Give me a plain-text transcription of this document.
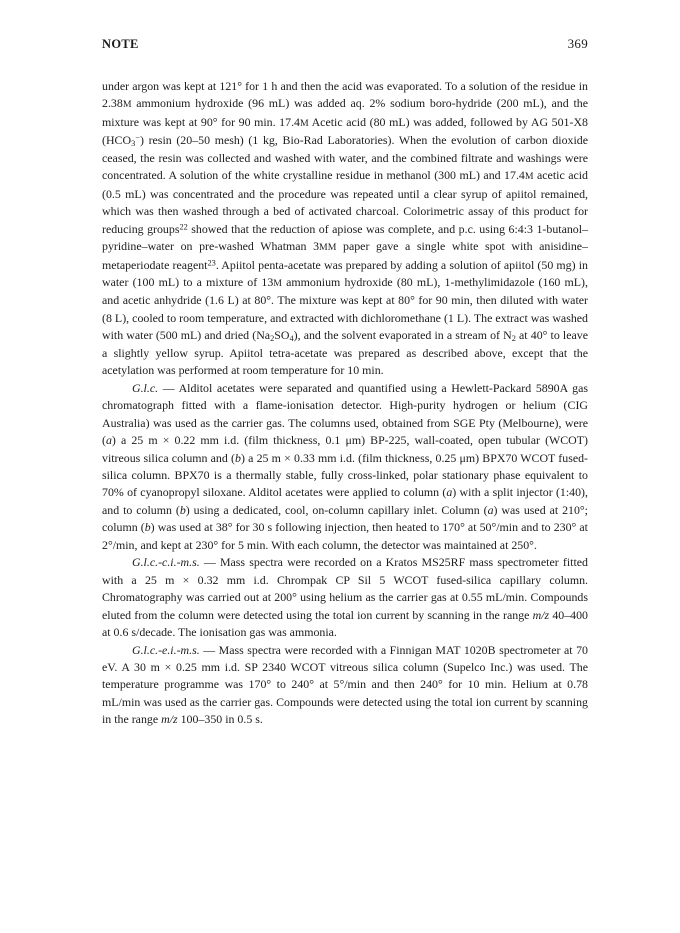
NOTE	369

under argon was kept at 121° for 1 h and then the acid was evaporated. To a solution of the residue in 2.38M ammonium hydroxide (96 mL) was added aq. 2% sodium boro-hydride (200 mL), and the mixture was kept at 90° for 90 min. 17.4M Acetic acid (80 mL) was added, followed by AG 501-X8 $(HCO_3^-)$ resin (20–50 mesh) (1 kg, Bio-Rad Laboratories). When the evolution of carbon dioxide ceased, the resin was collected and washed with water, and the combined filtrate and washings were concentrated. A solution of the white crystalline residue in methanol (300 mL) and 17.4M acetic acid (0.5 mL) was concentrated and the procedure was repeated until a clear syrup of apiitol remained, which was then washed through a bed of activated charcoal. Colorimetric assay of this product for reducing groups$^{22}$ showed that the reduction of apiose was complete, and p.c. using 6:4:3 1-butanol–pyridine–water on pre-washed Whatman 3MM paper gave a single white spot with anisidine–metaperiodate reagent$^{23}$. Apiitol penta-acetate was prepared by adding a solution of apiitol (50 mg) in water (100 mL) to a mixture of 13M ammonium hydroxide (80 mL), 1-methylimidazole (160 mL), and acetic anhydride (1.6 L) at 80°. The mixture was kept at 80° for 90 min, then diluted with water (8 L), cooled to room temperature, and extracted with dichloromethane (1 L). The extract was washed with water (500 mL) and dried $(Na_2SO_4)$, and the solvent evaporated in a stream of $N_2$ at 40° to leave a slightly yellow syrup. Apiitol tetra-acetate was prepared as described above, except that the acetylation was performed at room temperature for 10 min.

G.l.c. — Alditol acetates were separated and quantified using a Hewlett-Packard 5890A gas chromatograph fitted with a flame-ionisation detector. High-purity hydrogen or helium (CIG Australia) was used as the carrier gas. The columns used, obtained from SGE Pty (Melbourne), were (a) a 25 m × 0.22 mm i.d. (film thickness, 0.1 μm) BP-225, wall-coated, open tubular (WCOT) vitreous silica column and (b) a 25 m × 0.33 mm i.d. (film thickness, 0.25 μm) BPX70 WCOT fused-silica column. BPX70 is a thermally stable, fully cross-linked, polar stationary phase equivalent to 70% of cyanopropyl siloxane. Alditol acetates were applied to column (a) with a split injector (1:40), and to column (b) using a dedicated, cool, on-column capillary inlet. Column (a) was used at 210°; column (b) was used at 38° for 30 s following injection, then heated to 170° at 50°/min and to 230° at 2°/min, and kept at 230° for 5 min. With each column, the detector was maintained at 250°.

G.l.c.-c.i.-m.s. — Mass spectra were recorded on a Kratos MS25RF mass spectrometer fitted with a 25 m × 0.32 mm i.d. Chrompak CP Sil 5 WCOT fused-silica capillary column. Chromatography was carried out at 200° using helium as the carrier gas at 0.55 mL/min. Compounds eluted from the column were detected using the total ion current by scanning in the range m/z 40–400 at 0.6 s/decade. The ionisation gas was ammonia.

G.l.c.-e.i.-m.s. — Mass spectra were recorded with a Finnigan MAT 1020B spectrometer at 70 eV. A 30 m × 0.25 mm i.d. SP 2340 WCOT vitreous silica column (Supelco Inc.) was used. The temperature programme was 170° to 240° at 5°/min and then 240° for 10 min. Helium at 0.78 mL/min was used as the carrier gas. Compounds were detected using the total ion current by scanning in the range m/z 100–350 in 0.5 s.
